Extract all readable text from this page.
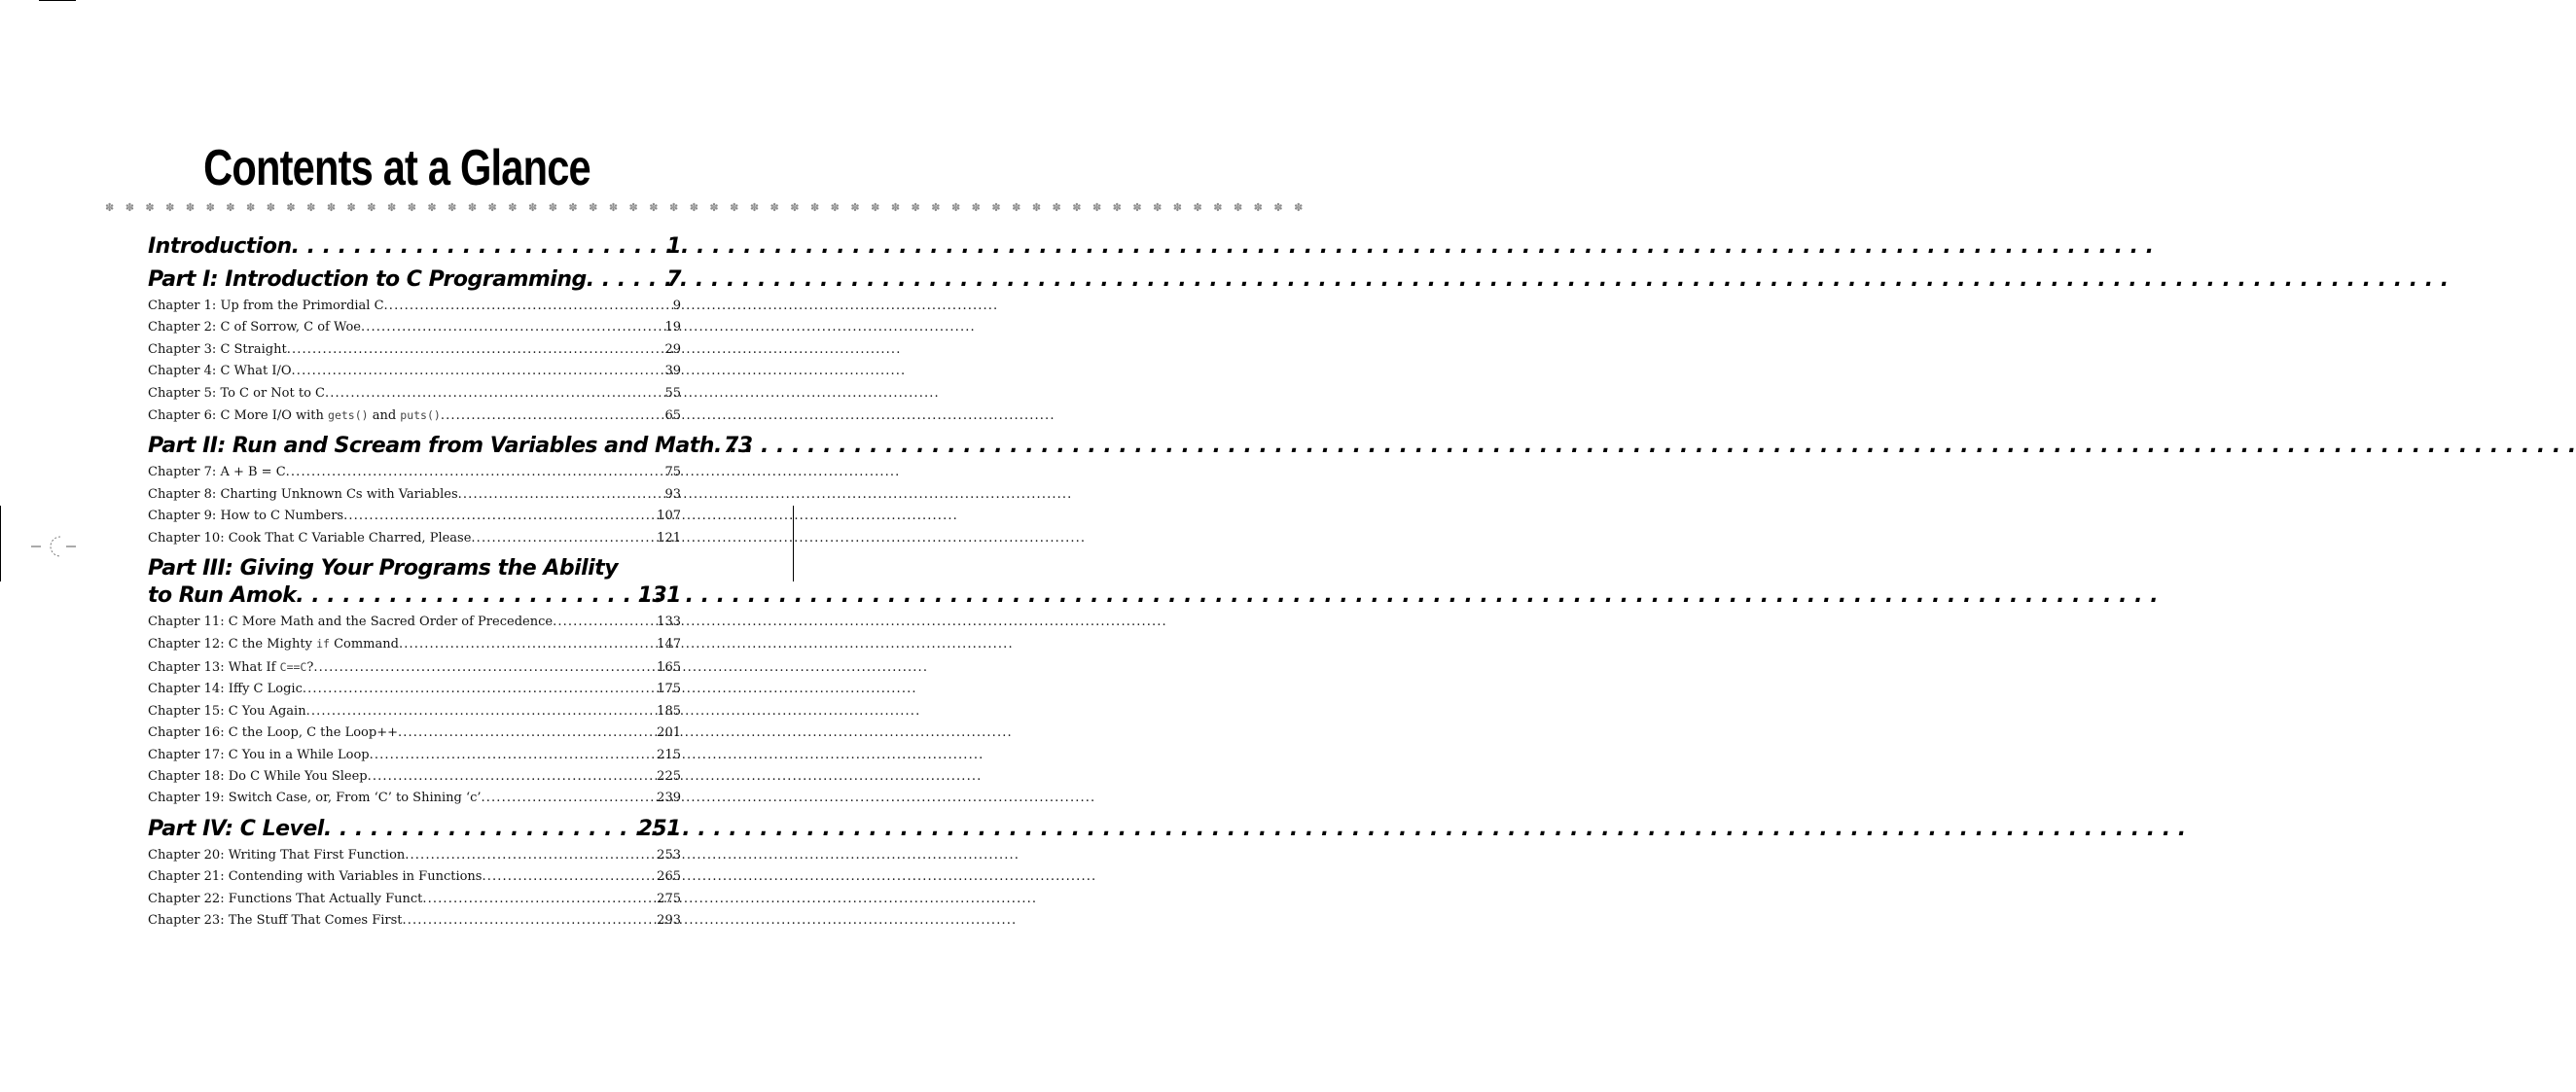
Contents at a Glance
✽ ✽ ✽ ✽ ✽ ✽ ✽ ✽ ✽ ✽ ✽ ✽ ✽ ✽ ✽ ✽ ✽ ✽ ✽ ✽ ✽ ✽ ✽ ✽ ✽ ✽ ✽ ✽ ✽ ✽ ✽ ✽ ✽ ✽ ✽ ✽ ✽ ✽ ✽ ✽ ✽ ✽ ✽ ✽ ✽ ✽ ✽ ✽ ✽ ✽ ✽ ✽ ✽ ✽ ✽ ✽ ✽ ✽ ✽ ✽
Introduction . . .	1
Part I: Introduction to C Programming . . .	7
Chapter 1: Up from the Primordial C . . .	9
Chapter 2: C of Sorrow, C of Woe . . .	19
Chapter 3: C Straight . . .	29
Chapter 4: C What I/O . . .	39
Chapter 5: To C or Not to C . . .	55
Chapter 6: C More I/O with gets() and puts() . . .	65
Part II: Run and Scream from Variables and Math . . . 73
Chapter 7: A + B = C . . .	75
Chapter 8: Charting Unknown Cs with Variables . . .	93
Chapter 9: How to C Numbers . . .	107
Chapter 10: Cook That C Variable Charred, Please . . .	121
Part III: Giving Your Programs the Ability
to Run Amok . . .	131
Chapter 11: C More Math and the Sacred Order of Precedence . . .	133
Chapter 12: C the Mighty if Command . . .	147
Chapter 13: What If C==C? . . .	165
Chapter 14: Iffy C Logic . . .	175
Chapter 15: C You Again . . .	185
Chapter 16: C the Loop, C the Loop++ . . .	201
Chapter 17: C You in a While Loop . . .	215
Chapter 18: Do C While You Sleep . . .	225
Chapter 19: Switch Case, or, From ‘C’ to Shining ‘c’ . . .	239
Part IV: C Level . . .	251
Chapter 20: Writing That First Function . . .	253
Chapter 21: Contending with Variables in Functions . . .	265
Chapter 22: Functions That Actually Funct . . .	275
Chapter 23: The Stuff That Comes First . . .	293
